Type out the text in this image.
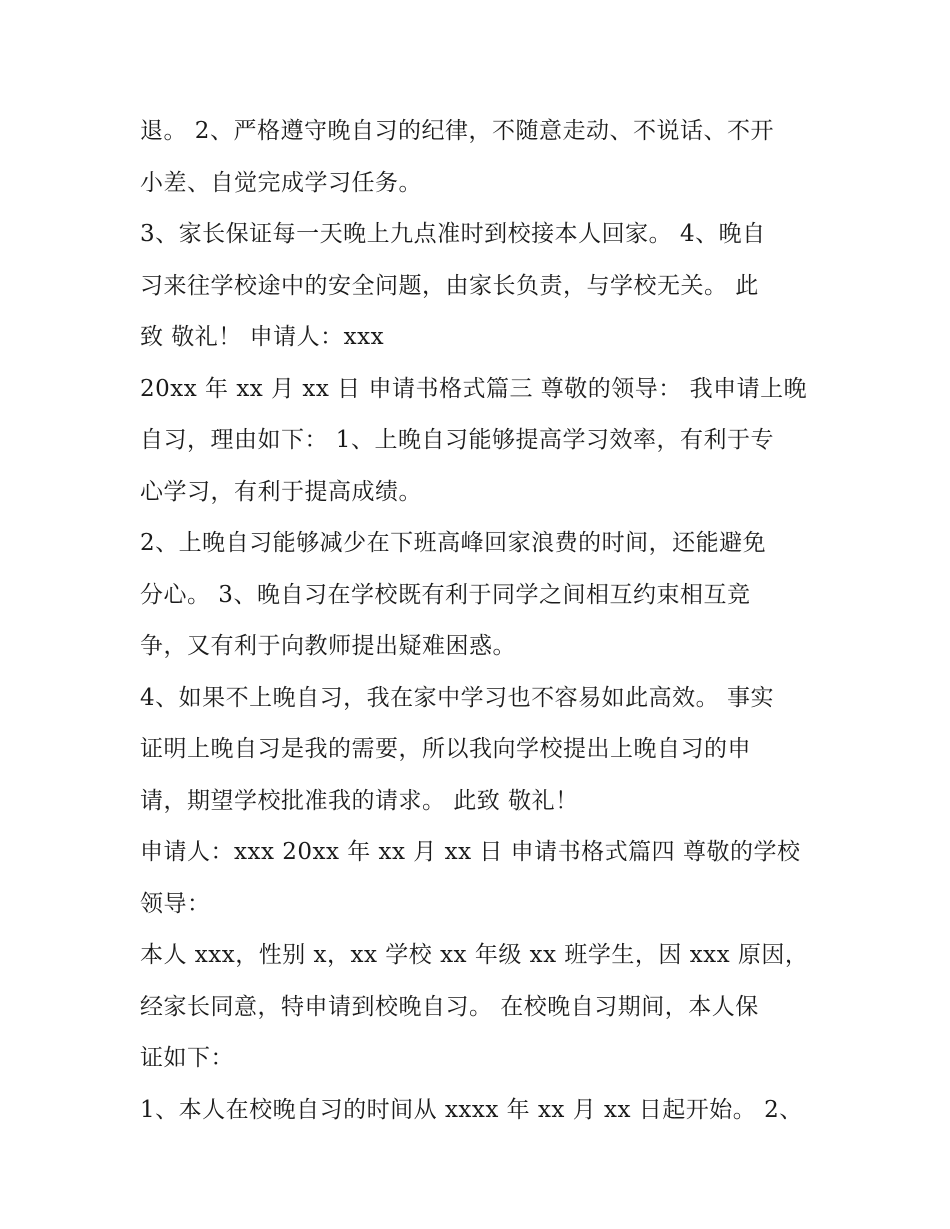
退。 2、严格遵守晚自习的纪律，不随意走动、不说话、不开
小差、自觉完成学习任务。

3、家长保证每一天晚上九点准时到校接本人回家。 4、晚自
习来往学校途中的安全问题，由家长负责，与学校无关。 此
致 敬礼！ 申请人：xxx

20xx 年 xx 月 xx 日 申请书格式篇三 尊敬的领导： 我申请上晚
自习，理由如下： 1、上晚自习能够提高学习效率，有利于专
心学习，有利于提高成绩。

2、上晚自习能够减少在下班高峰回家浪费的时间，还能避免
分心。 3、晚自习在学校既有利于同学之间相互约束相互竞
争，又有利于向教师提出疑难困惑。

4、如果不上晚自习，我在家中学习也不容易如此高效。 事实
证明上晚自习是我的需要，所以我向学校提出上晚自习的申
请，期望学校批准我的请求。 此致 敬礼！

申请人：xxx 20xx 年 xx 月 xx 日 申请书格式篇四 尊敬的学校
领导：

本人 xxx，性别 x，xx 学校 xx 年级 xx 班学生，因 xxx 原因，
经家长同意，特申请到校晚自习。 在校晚自习期间，本人保
证如下：

1、本人在校晚自习的时间从 xxxx 年 xx 月 xx 日起开始。 2、
